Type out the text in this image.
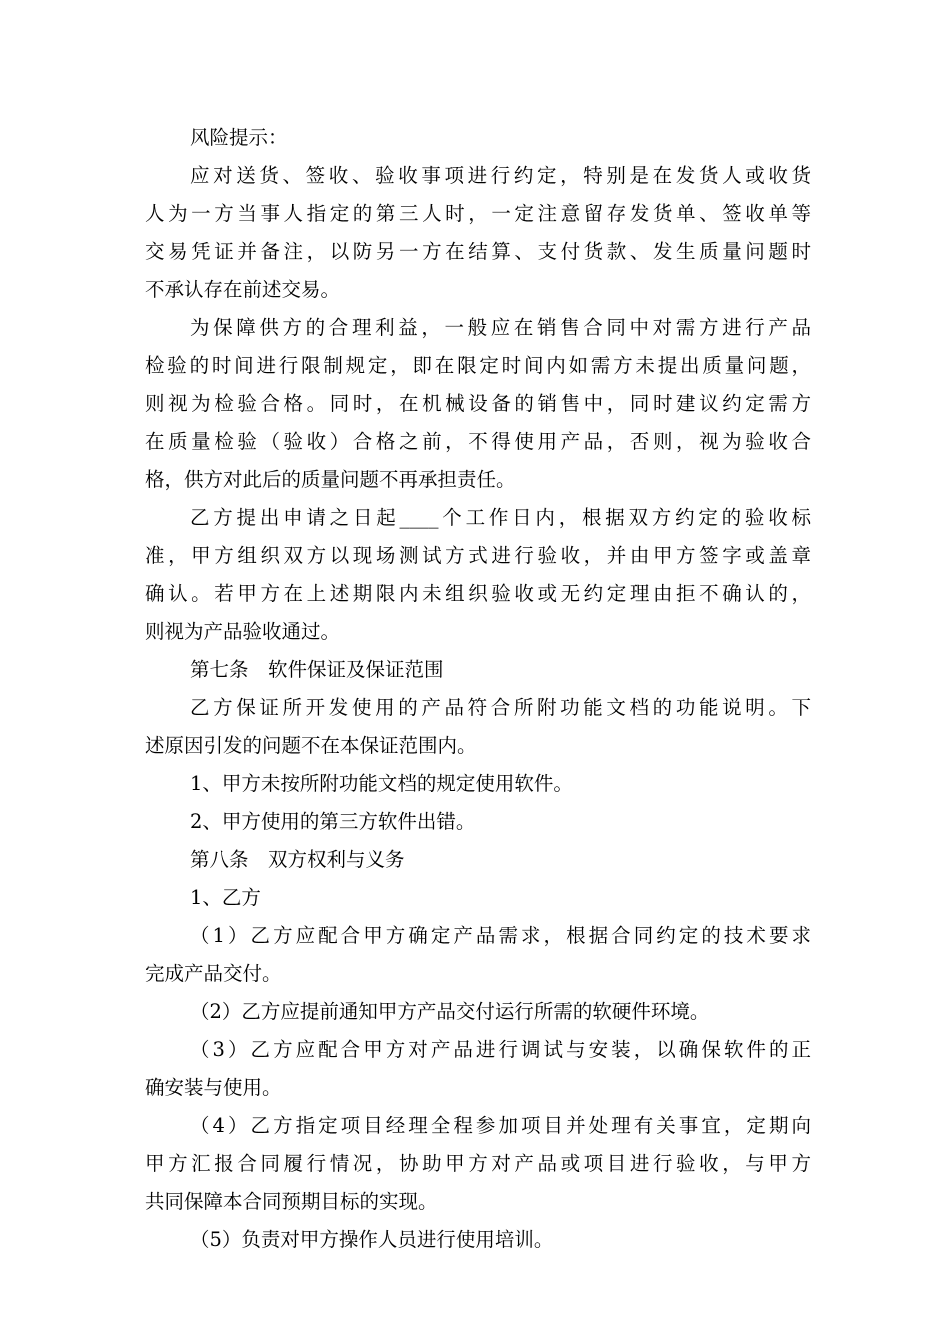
风险提示：
应对送货、签收、验收事项进行约定，特别是在发货人或收货
人为一方当事人指定的第三人时，一定注意留存发货单、签收单等
交易凭证并备注，以防另一方在结算、支付货款、发生质量问题时
不承认存在前述交易。
为保障供方的合理利益，一般应在销售合同中对需方进行产品
检验的时间进行限制规定，即在限定时间内如需方未提出质量问题，
则视为检验合格。同时，在机械设备的销售中，同时建议约定需方
在质量检验（验收）合格之前，不得使用产品，否则，视为验收合
格，供方对此后的质量问题不再承担责任。
乙方提出申请之日起____个工作日内，根据双方约定的验收标
准，甲方组织双方以现场测试方式进行验收，并由甲方签字或盖章
确认。若甲方在上述期限内未组织验收或无约定理由拒不确认的，
则视为产品验收通过。
第七条　软件保证及保证范围
乙方保证所开发使用的产品符合所附功能文档的功能说明。下
述原因引发的问题不在本保证范围内。
1、甲方未按所附功能文档的规定使用软件。
2、甲方使用的第三方软件出错。
第八条　双方权利与义务
1、乙方
（1）乙方应配合甲方确定产品需求，根据合同约定的技术要求
完成产品交付。
（2）乙方应提前通知甲方产品交付运行所需的软硬件环境。
（3）乙方应配合甲方对产品进行调试与安装，以确保软件的正
确安装与使用。
（4）乙方指定项目经理全程参加项目并处理有关事宜，定期向
甲方汇报合同履行情况，协助甲方对产品或项目进行验收，与甲方
共同保障本合同预期目标的实现。
（5）负责对甲方操作人员进行使用培训。
